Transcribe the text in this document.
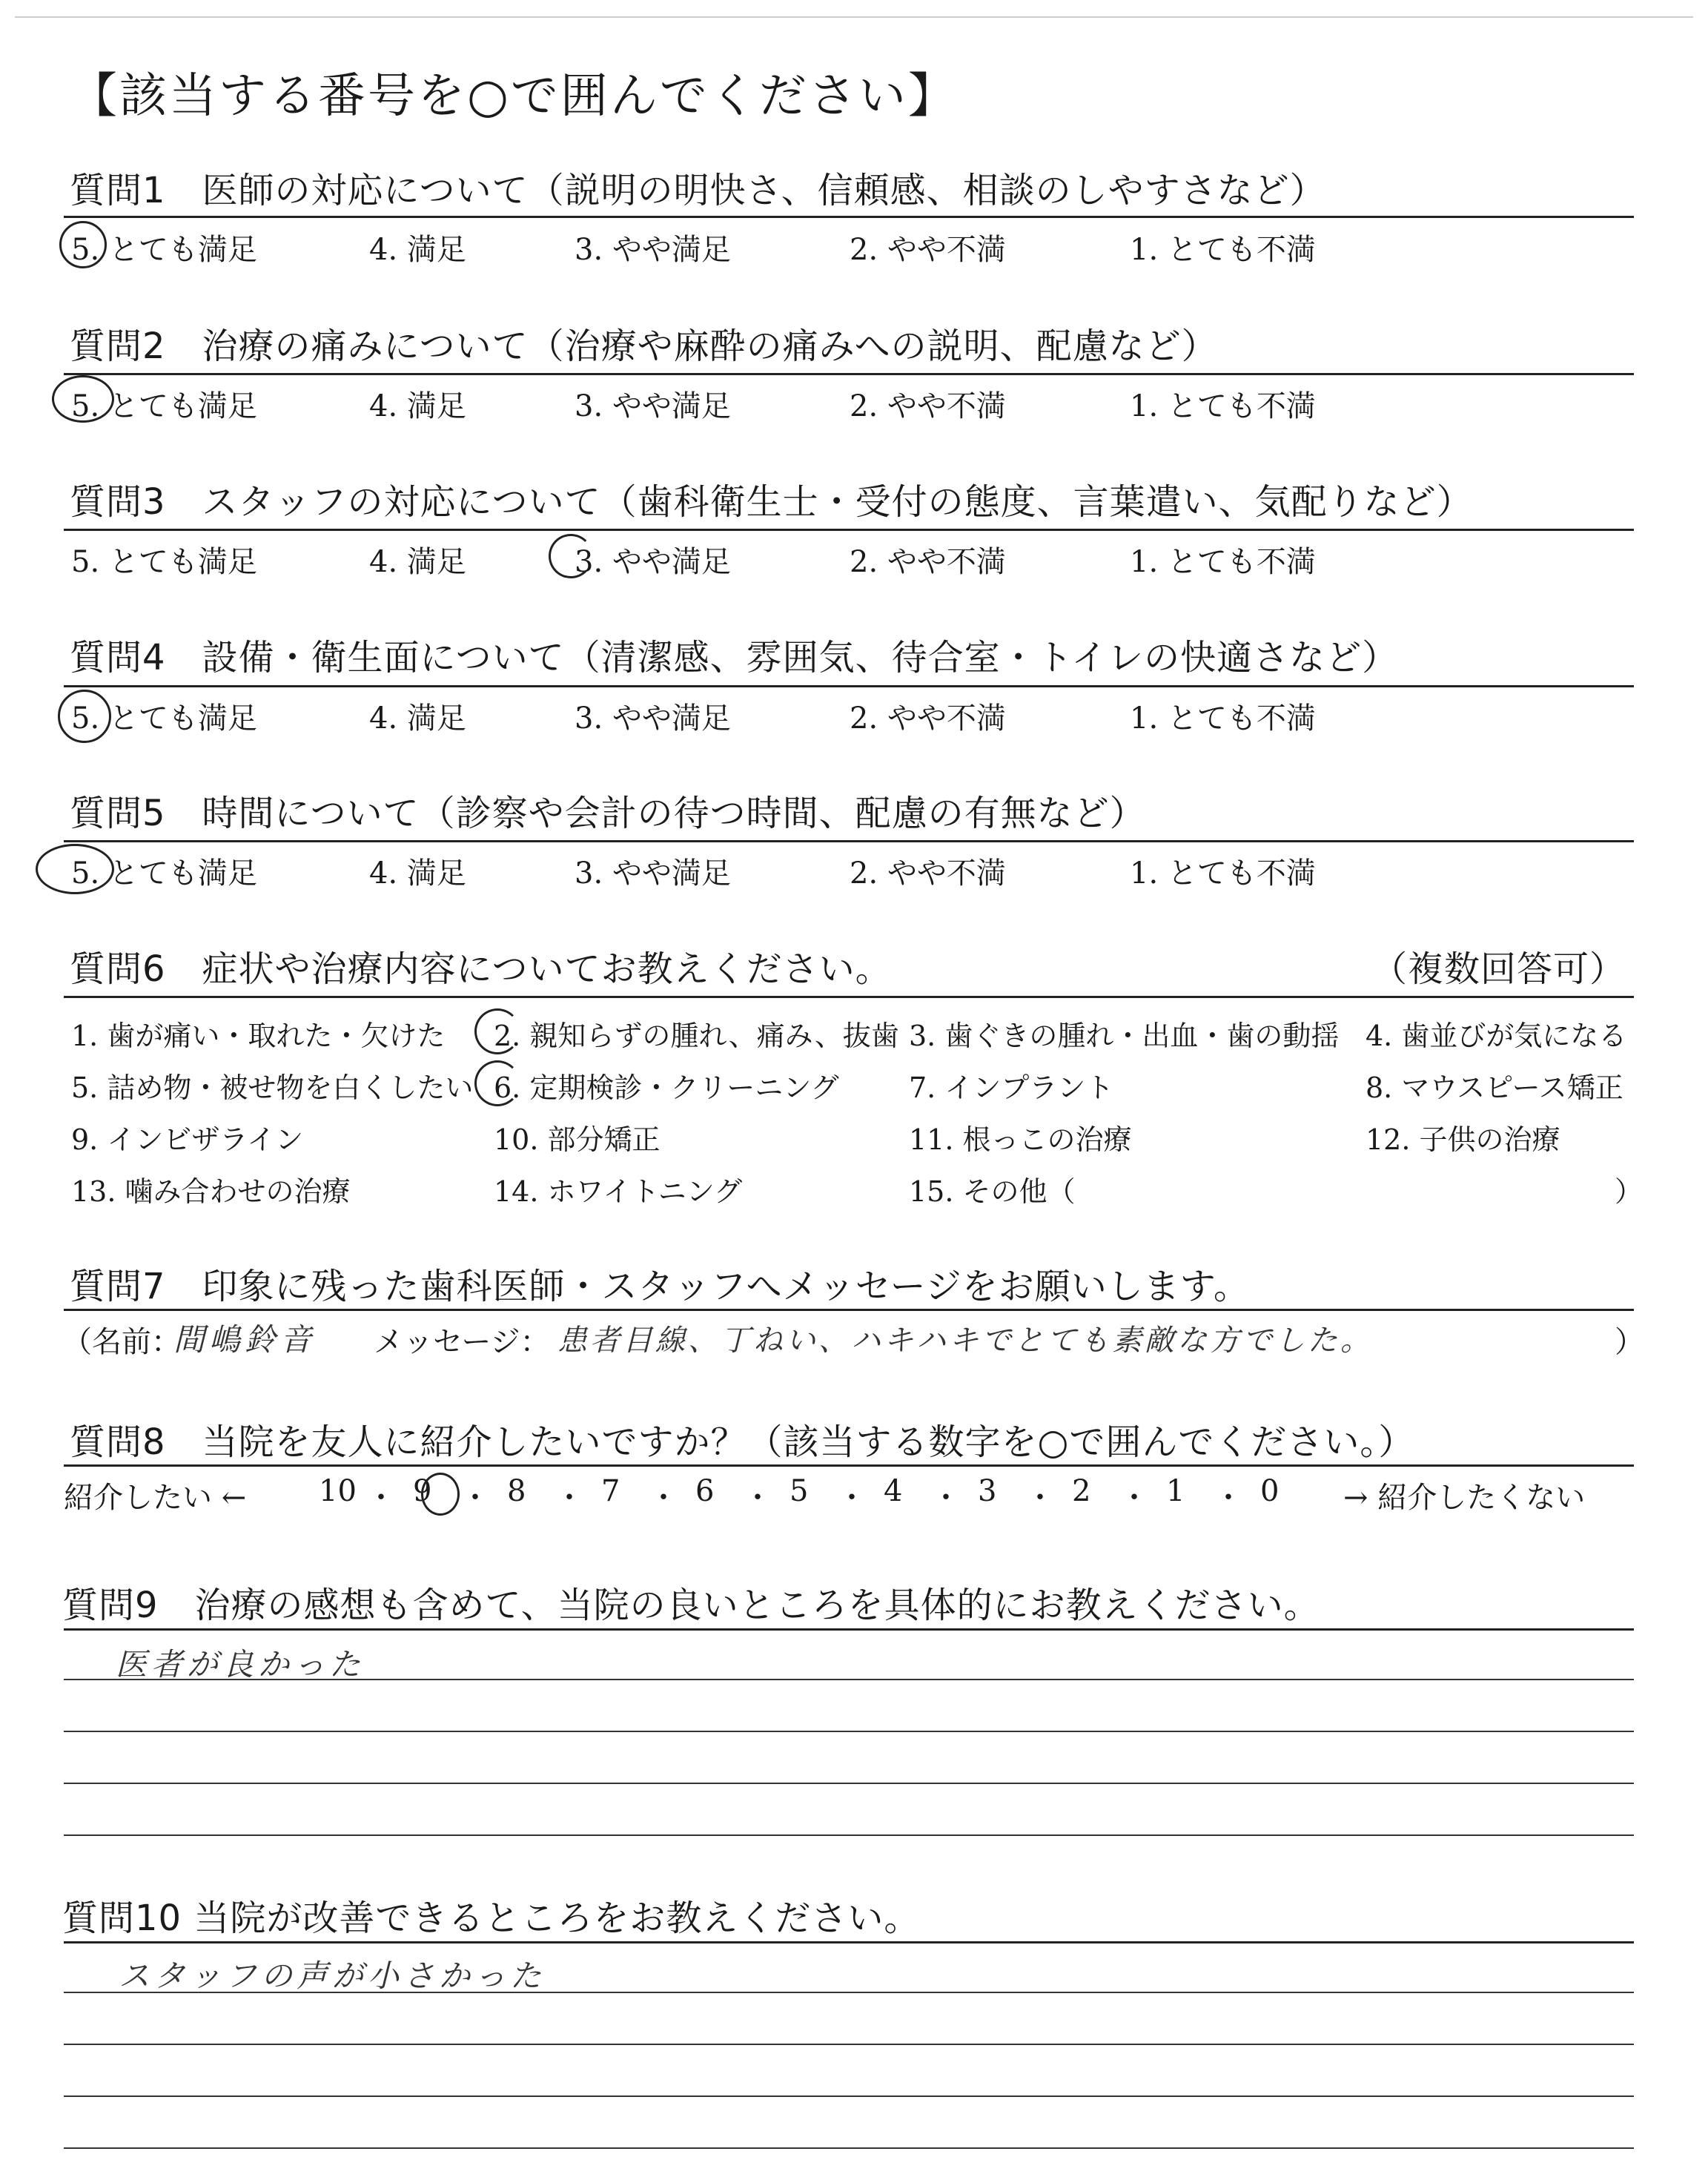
【該当する番号を○で囲んでください】
質問1　医師の対応について（説明の明快さ、信頼感、相談のしやすさなど）
5. とても満足	4. 満足	3. やや満足	2. やや不満	1. とても不満
質問2　治療の痛みについて（治療や麻酔の痛みへの説明、配慮など）
5. とても満足	4. 満足	3. やや満足	2. やや不満	1. とても不満
質問3　スタッフの対応について（歯科衛生士・受付の態度、言葉遣い、気配りなど）
5. とても満足	4. 満足	3. やや満足	2. やや不満	1. とても不満
質問4　設備・衛生面について（清潔感、雰囲気、待合室・トイレの快適さなど）
5. とても満足	4. 満足	3. やや満足	2. やや不満	1. とても不満
質問5　時間について（診察や会計の待つ時間、配慮の有無など）
5. とても満足	4. 満足	3. やや満足	2. やや不満	1. とても不満
質問6　症状や治療内容についてお教えください。	（複数回答可）
1. 歯が痛い・取れた・欠けた 2. 親知らずの腫れ、痛み、抜歯 3. 歯ぐきの腫れ・出血・歯の動揺 4. 歯並びが気になる
5. 詰め物・被せ物を白くしたい 6. 定期検診・クリーニング 7. インプラント	8. マウスピース矯正
9. インビザライン	10. 部分矯正	11. 根っこの治療	12. 子供の治療
13. 噛み合わせの治療	14. ホワイトニング	15. その他（	）
質問7　印象に残った歯科医師・スタッフへメッセージをお願いします。
（名前：
間嶋鈴音 メッセージ： 患者目線、丁ねい、ハキハキでとても素敵な方でした。	）
質問8　当院を友人に紹介したいですか？（該当する数字を○で囲んでください。）
紹介したい ← 10 ・ 9 ・ 8 ・ 7 ・ 6 ・ 5 ・ 4 ・ 3 ・ 2 ・ 1 ・ 0 → 紹介したくない
質問9　治療の感想も含めて、当院の良いところを具体的にお教えください。
医者が良かった
質問10 当院が改善できるところをお教えください。
スタッフの声が小さかった
